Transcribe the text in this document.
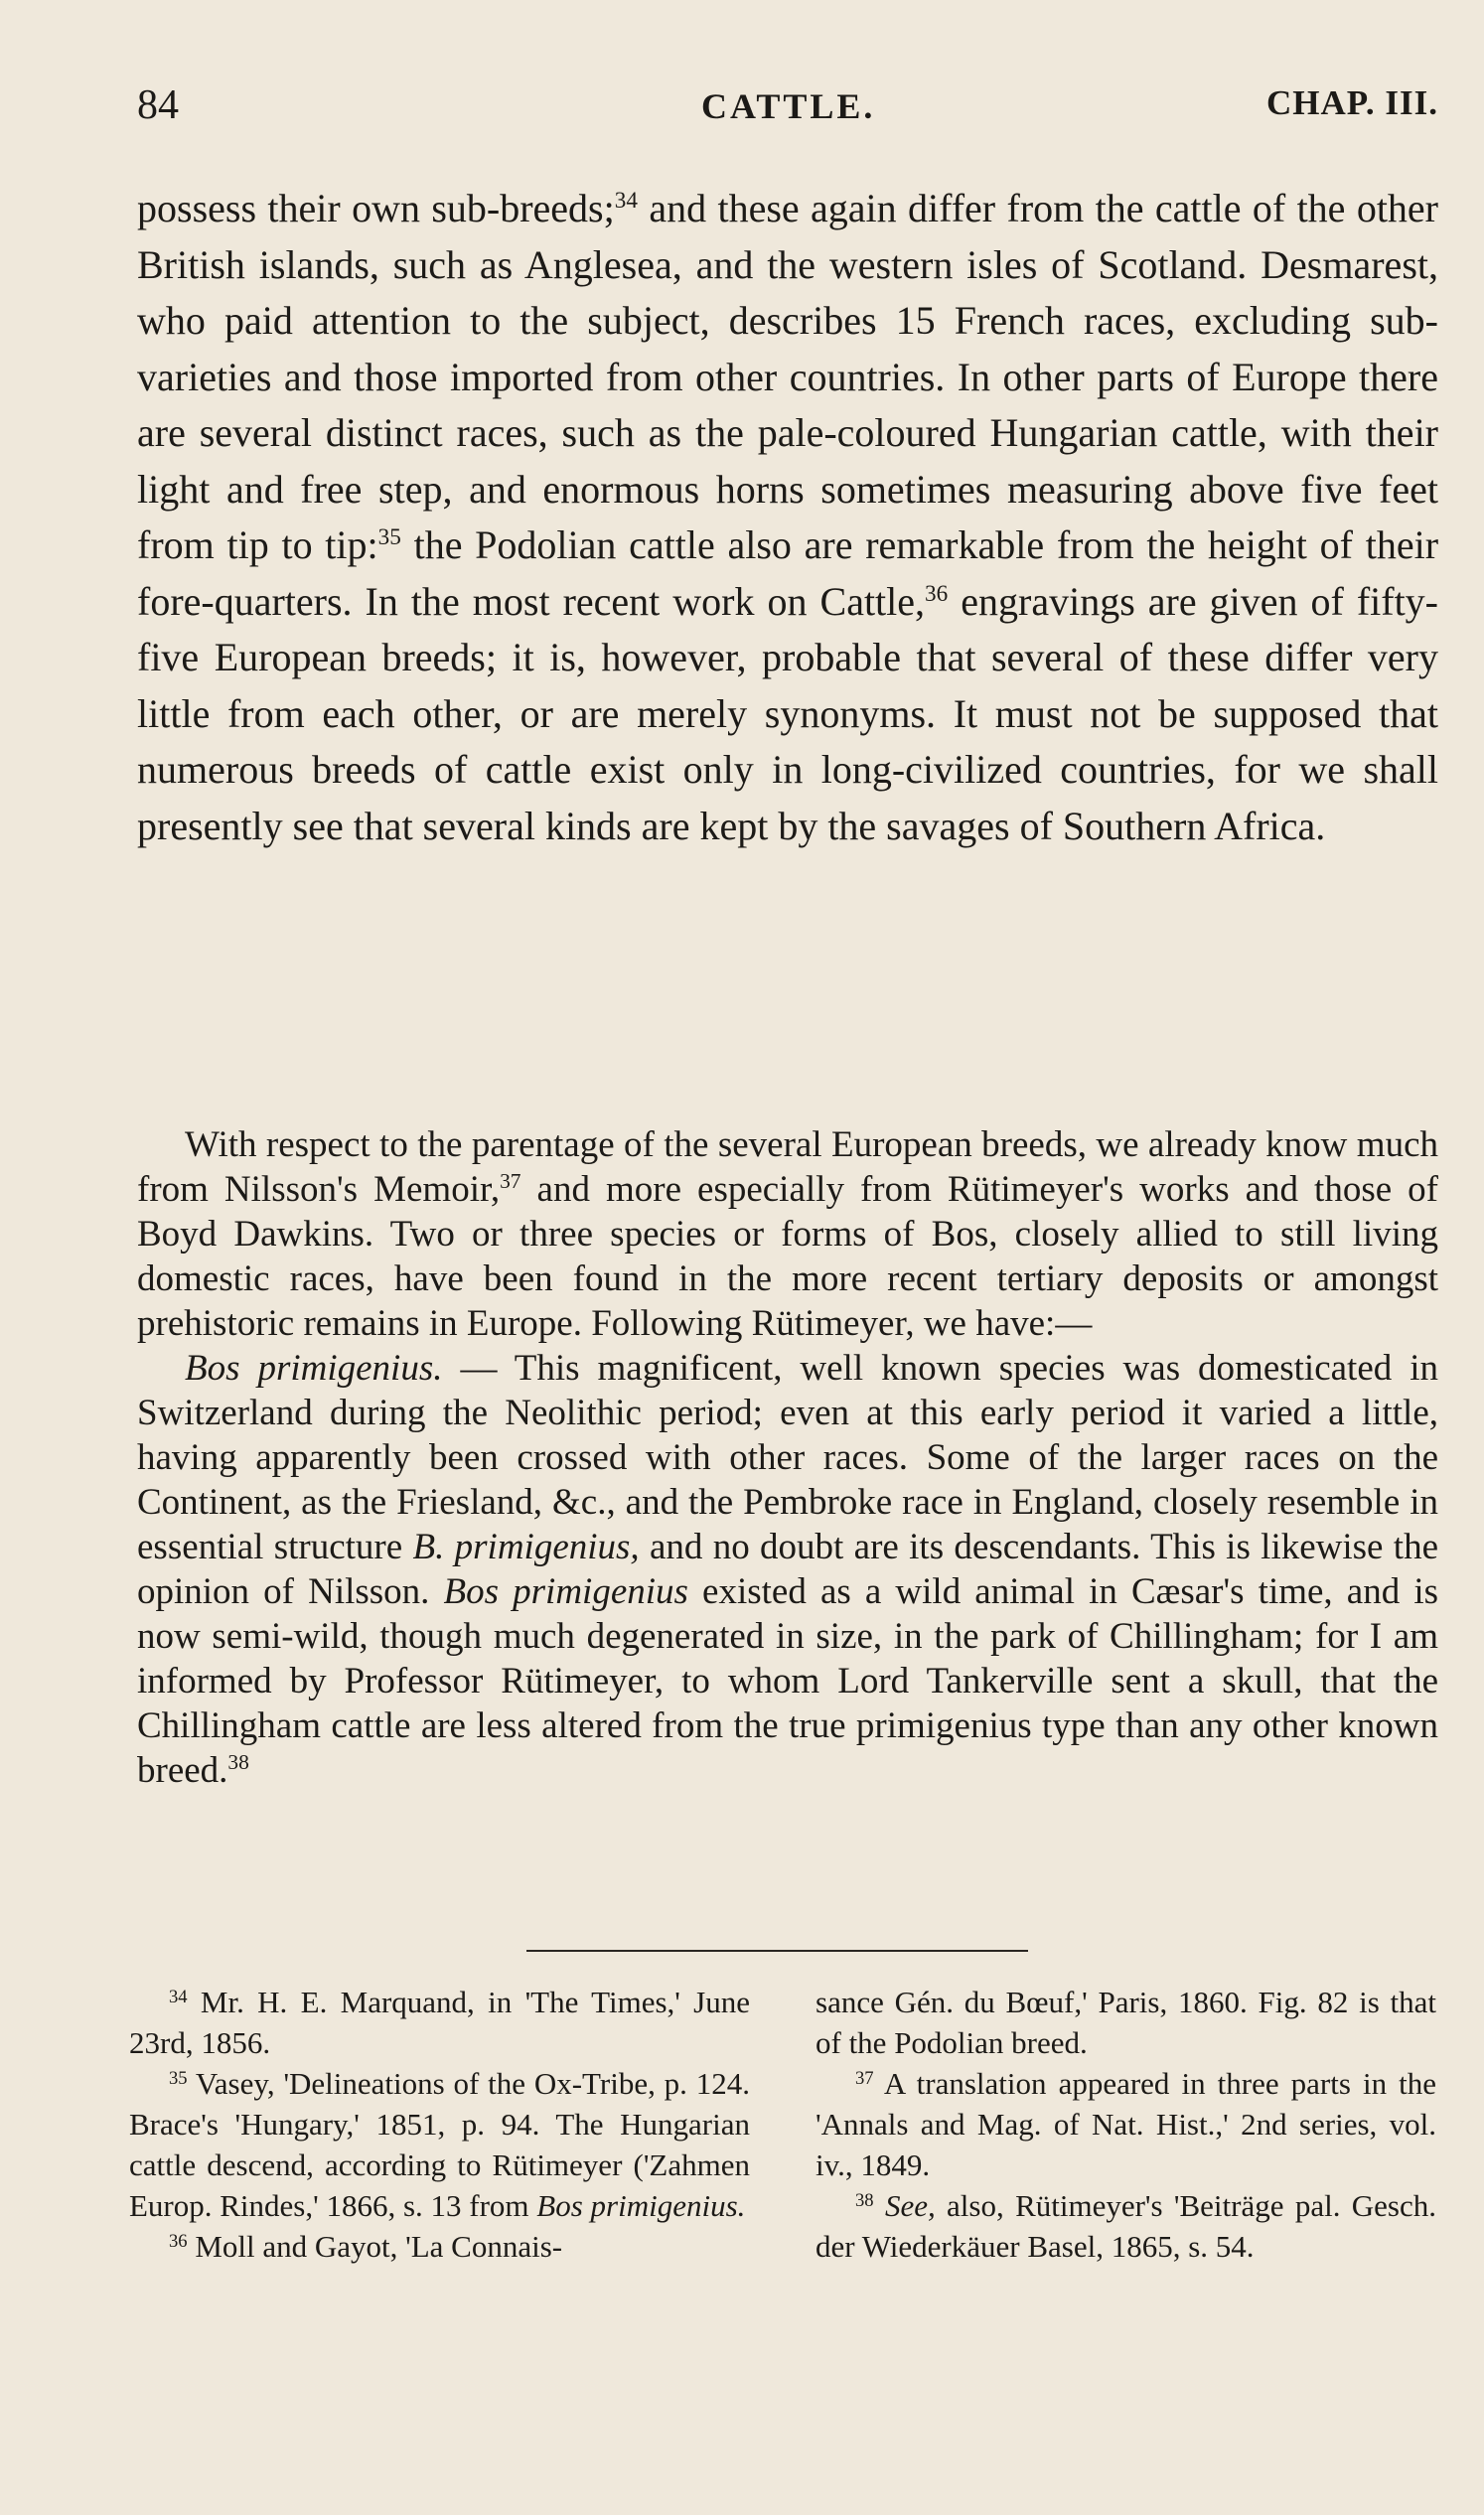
84	CATTLE.	CHAP. III.

possess their own sub-breeds;$^{34}$ and these again differ from the cattle of the other British islands, such as Anglesea, and the western isles of Scotland. Desmarest, who paid attention to the subject, describes 15 French races, excluding sub-varieties and those imported from other countries. In other parts of Europe there are several distinct races, such as the pale-coloured Hungarian cattle, with their light and free step, and enormous horns sometimes measuring above five feet from tip to tip:$^{35}$ the Podolian cattle also are remarkable from the height of their fore-quarters. In the most recent work on Cattle,$^{36}$ engravings are given of fifty-five European breeds; it is, however, probable that several of these differ very little from each other, or are merely synonyms. It must not be supposed that numerous breeds of cattle exist only in long-civilized countries, for we shall presently see that several kinds are kept by the savages of Southern Africa.

With respect to the parentage of the several European breeds, we already know much from Nilsson's Memoir,$^{37}$ and more especially from Rütimeyer's works and those of Boyd Dawkins. Two or three species or forms of Bos, closely allied to still living domestic races, have been found in the more recent tertiary deposits or amongst prehistoric remains in Europe. Following Rütimeyer, we have:—

Bos primigenius. — This magnificent, well known species was domesticated in Switzerland during the Neolithic period; even at this early period it varied a little, having apparently been crossed with other races. Some of the larger races on the Continent, as the Friesland, &c., and the Pembroke race in England, closely resemble in essential structure B. primigenius, and no doubt are its descendants. This is likewise the opinion of Nilsson. Bos primigenius existed as a wild animal in Cæsar's time, and is now semi-wild, though much degenerated in size, in the park of Chillingham; for I am informed by Professor Rütimeyer, to whom Lord Tankerville sent a skull, that the Chillingham cattle are less altered from the true primigenius type than any other known breed.$^{38}$

$^{34}$ Mr. H. E. Marquand, in 'The Times,' June 23rd, 1856.

$^{35}$ Vasey, 'Delineations of the Ox-Tribe, p. 124. Brace's 'Hungary,' 1851, p. 94. The Hungarian cattle descend, according to Rütimeyer ('Zahmen Europ. Rindes,' 1866, s. 13 from Bos primigenius.

$^{36}$ Moll and Gayot, 'La Connais-

sance Gén. du Bœuf,' Paris, 1860. Fig. 82 is that of the Podolian breed.

$^{37}$ A translation appeared in three parts in the 'Annals and Mag. of Nat. Hist.,' 2nd series, vol. iv., 1849.

$^{38}$ See, also, Rütimeyer's 'Beiträge pal. Gesch. der Wiederkäuer Basel, 1865, s. 54.
